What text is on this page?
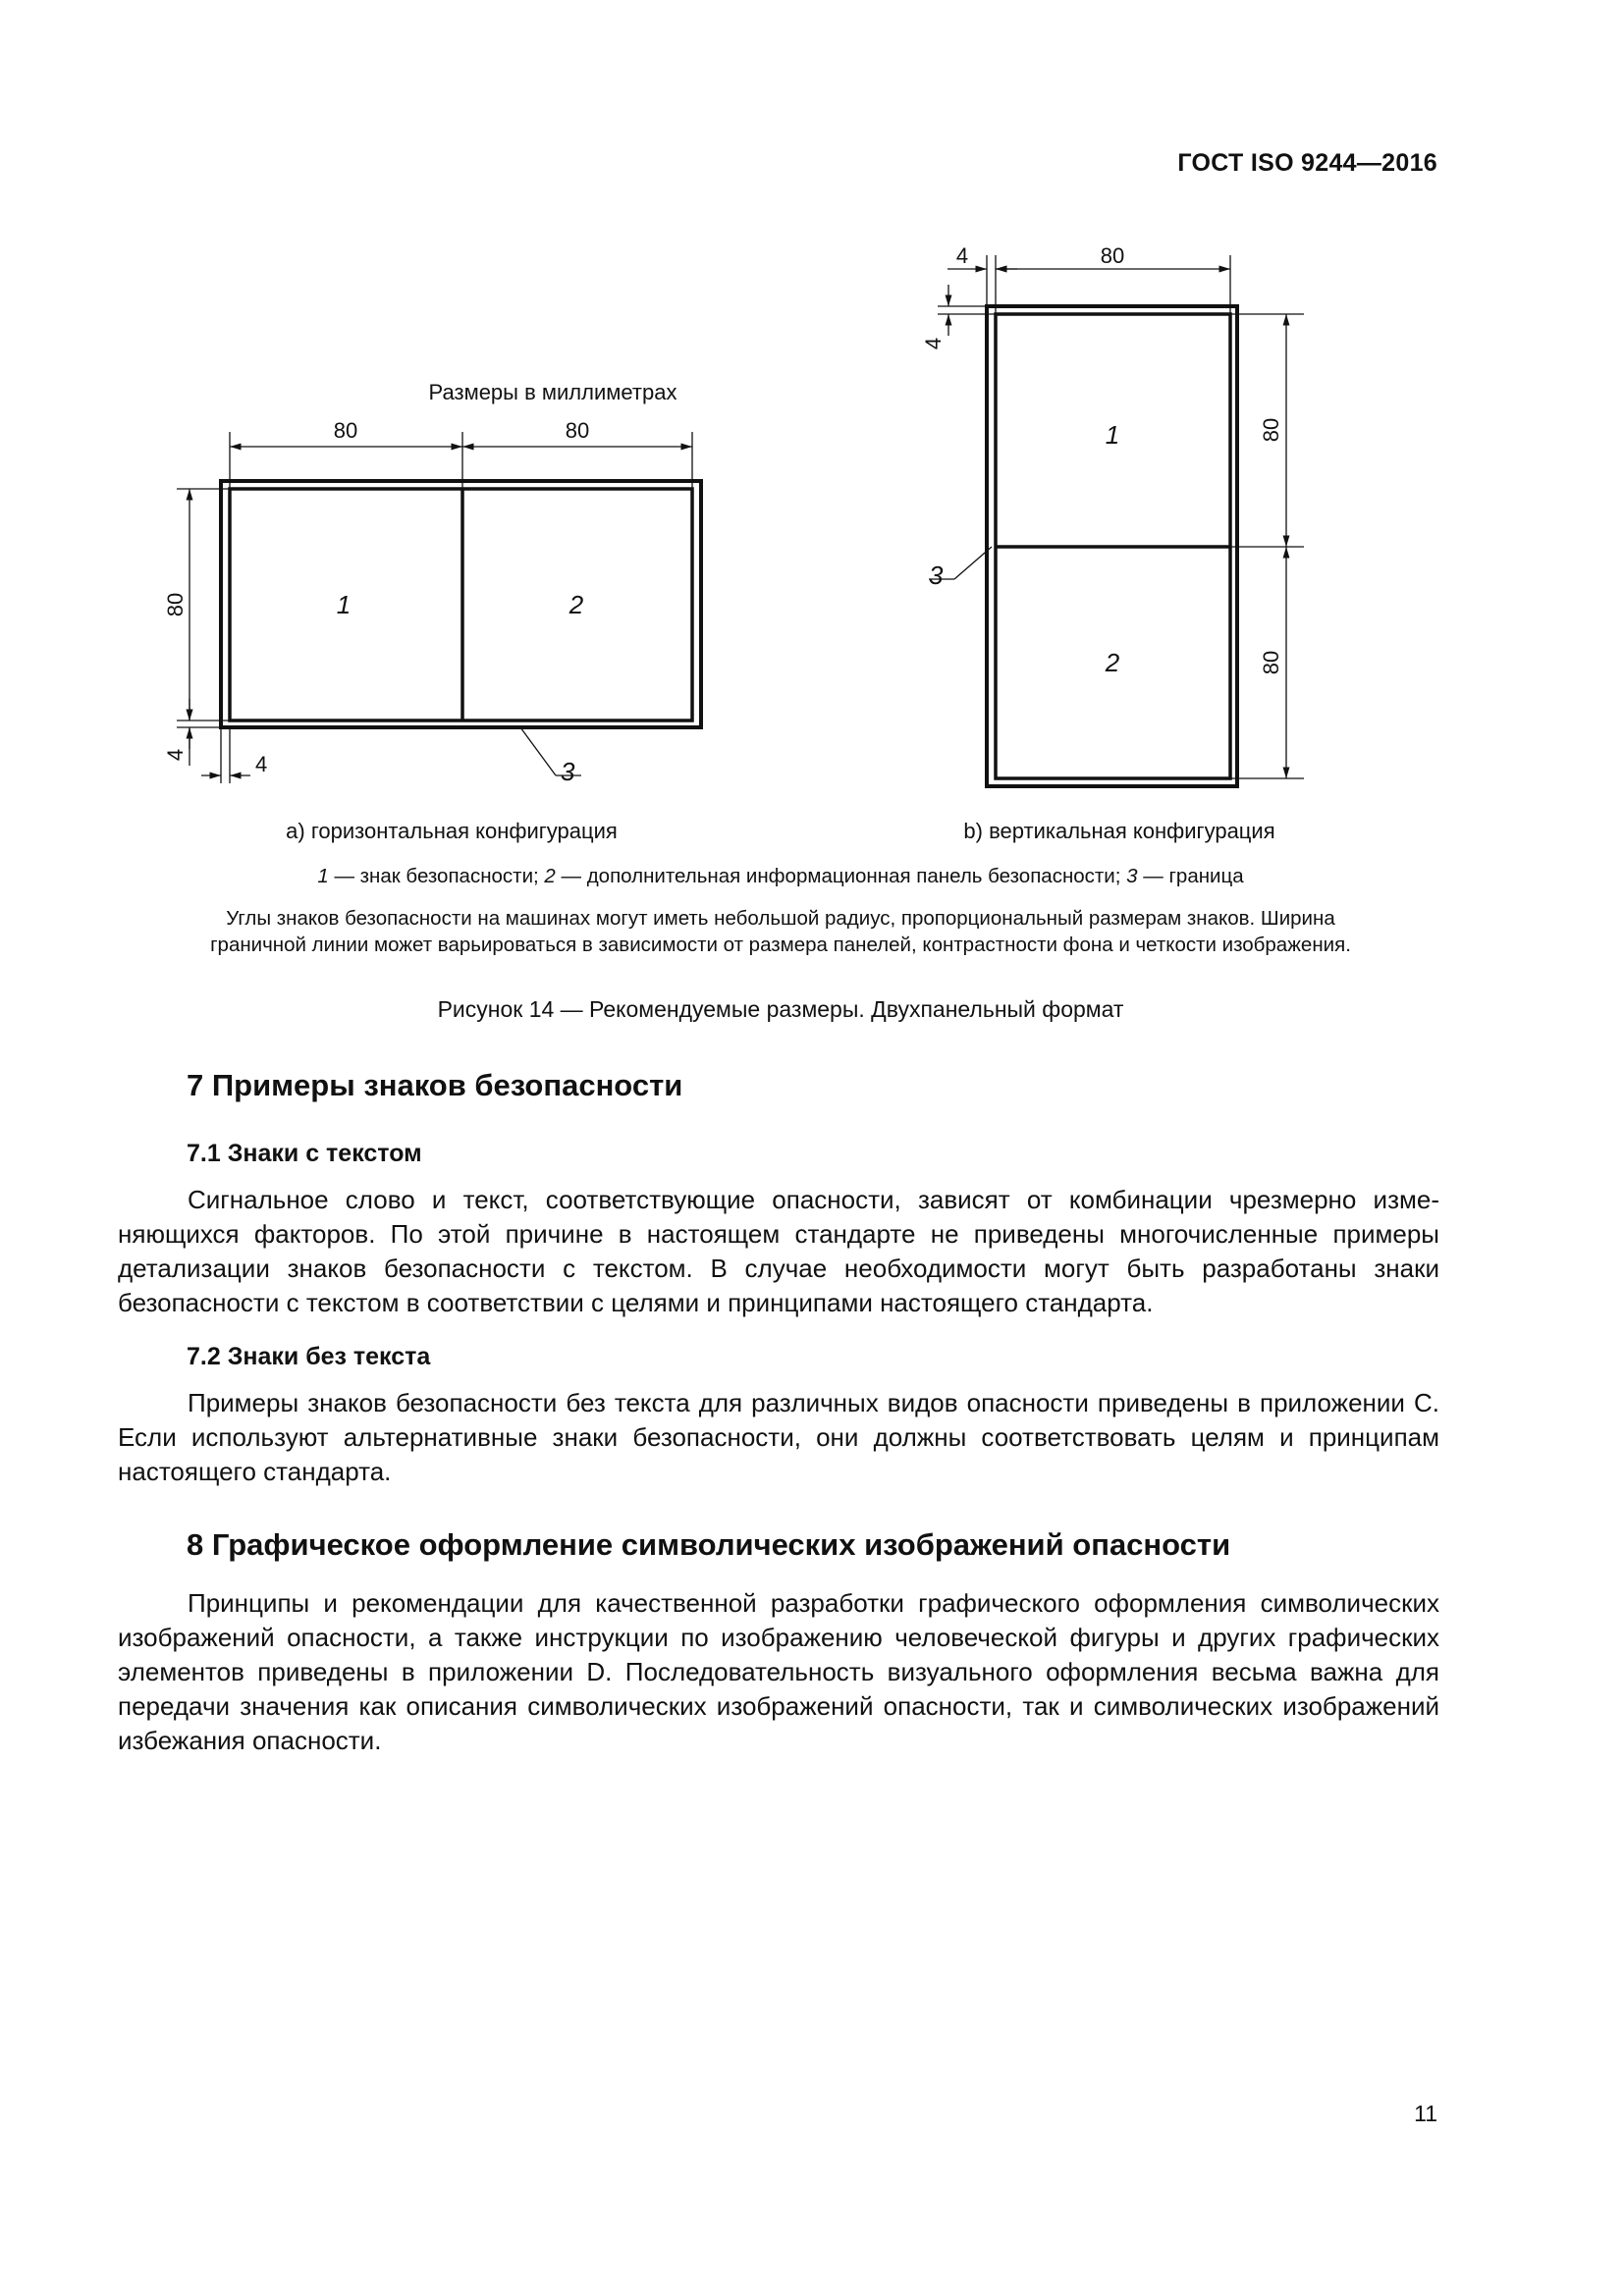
ГОСТ ISO 9244—2016
Размеры в миллиметрах
80	80
80
4	4
1	2
3
4	80
4
80
80
1
2
3
а) горизонтальная конфигурация	b) вертикальная конфигурация
1 — знак безопасности; 2 — дополнительная информационная панель безопасности; 3 — граница
Углы знаков безопасности на машинах могут иметь небольшой радиус, пропорциональный размерам знаков. Ширина
граничной линии может варьироваться в зависимости от размера панелей, контрастности фона и четкости изображения.
Рисунок 14 — Рекомендуемые размеры. Двухпанельный формат
7 Примеры знаков безопасности
7.1 Знаки с текстом

Сигнальное слово и текст, соответствующие опасности, зависят от комбинации чрезмерно изменяющихся факторов. По этой причине в настоящем стандарте не приведены многочисленные примеры детализации знаков безопасности с текстом. В случае необходимости могут быть разработаны знаки безопасности с текстом в соответствии с целями и принципами настоящего стандарта.

7.2 Знаки без текста

Примеры знаков безопасности без текста для различных видов опасности приведены в приложении С. Если используют альтернативные знаки безопасности, они должны соответствовать целям и принципам настоящего стандарта.

8 Графическое оформление символических изображений опасности

Принципы и рекомендации для качественной разработки графического оформления символических изображений опасности, а также инструкции по изображению человеческой фигуры и других графических элементов приведены в приложении D. Последовательность визуального оформления весьма важна для передачи значения как описания символических изображений опасности, так и символических изображений избежания опасности.

11
